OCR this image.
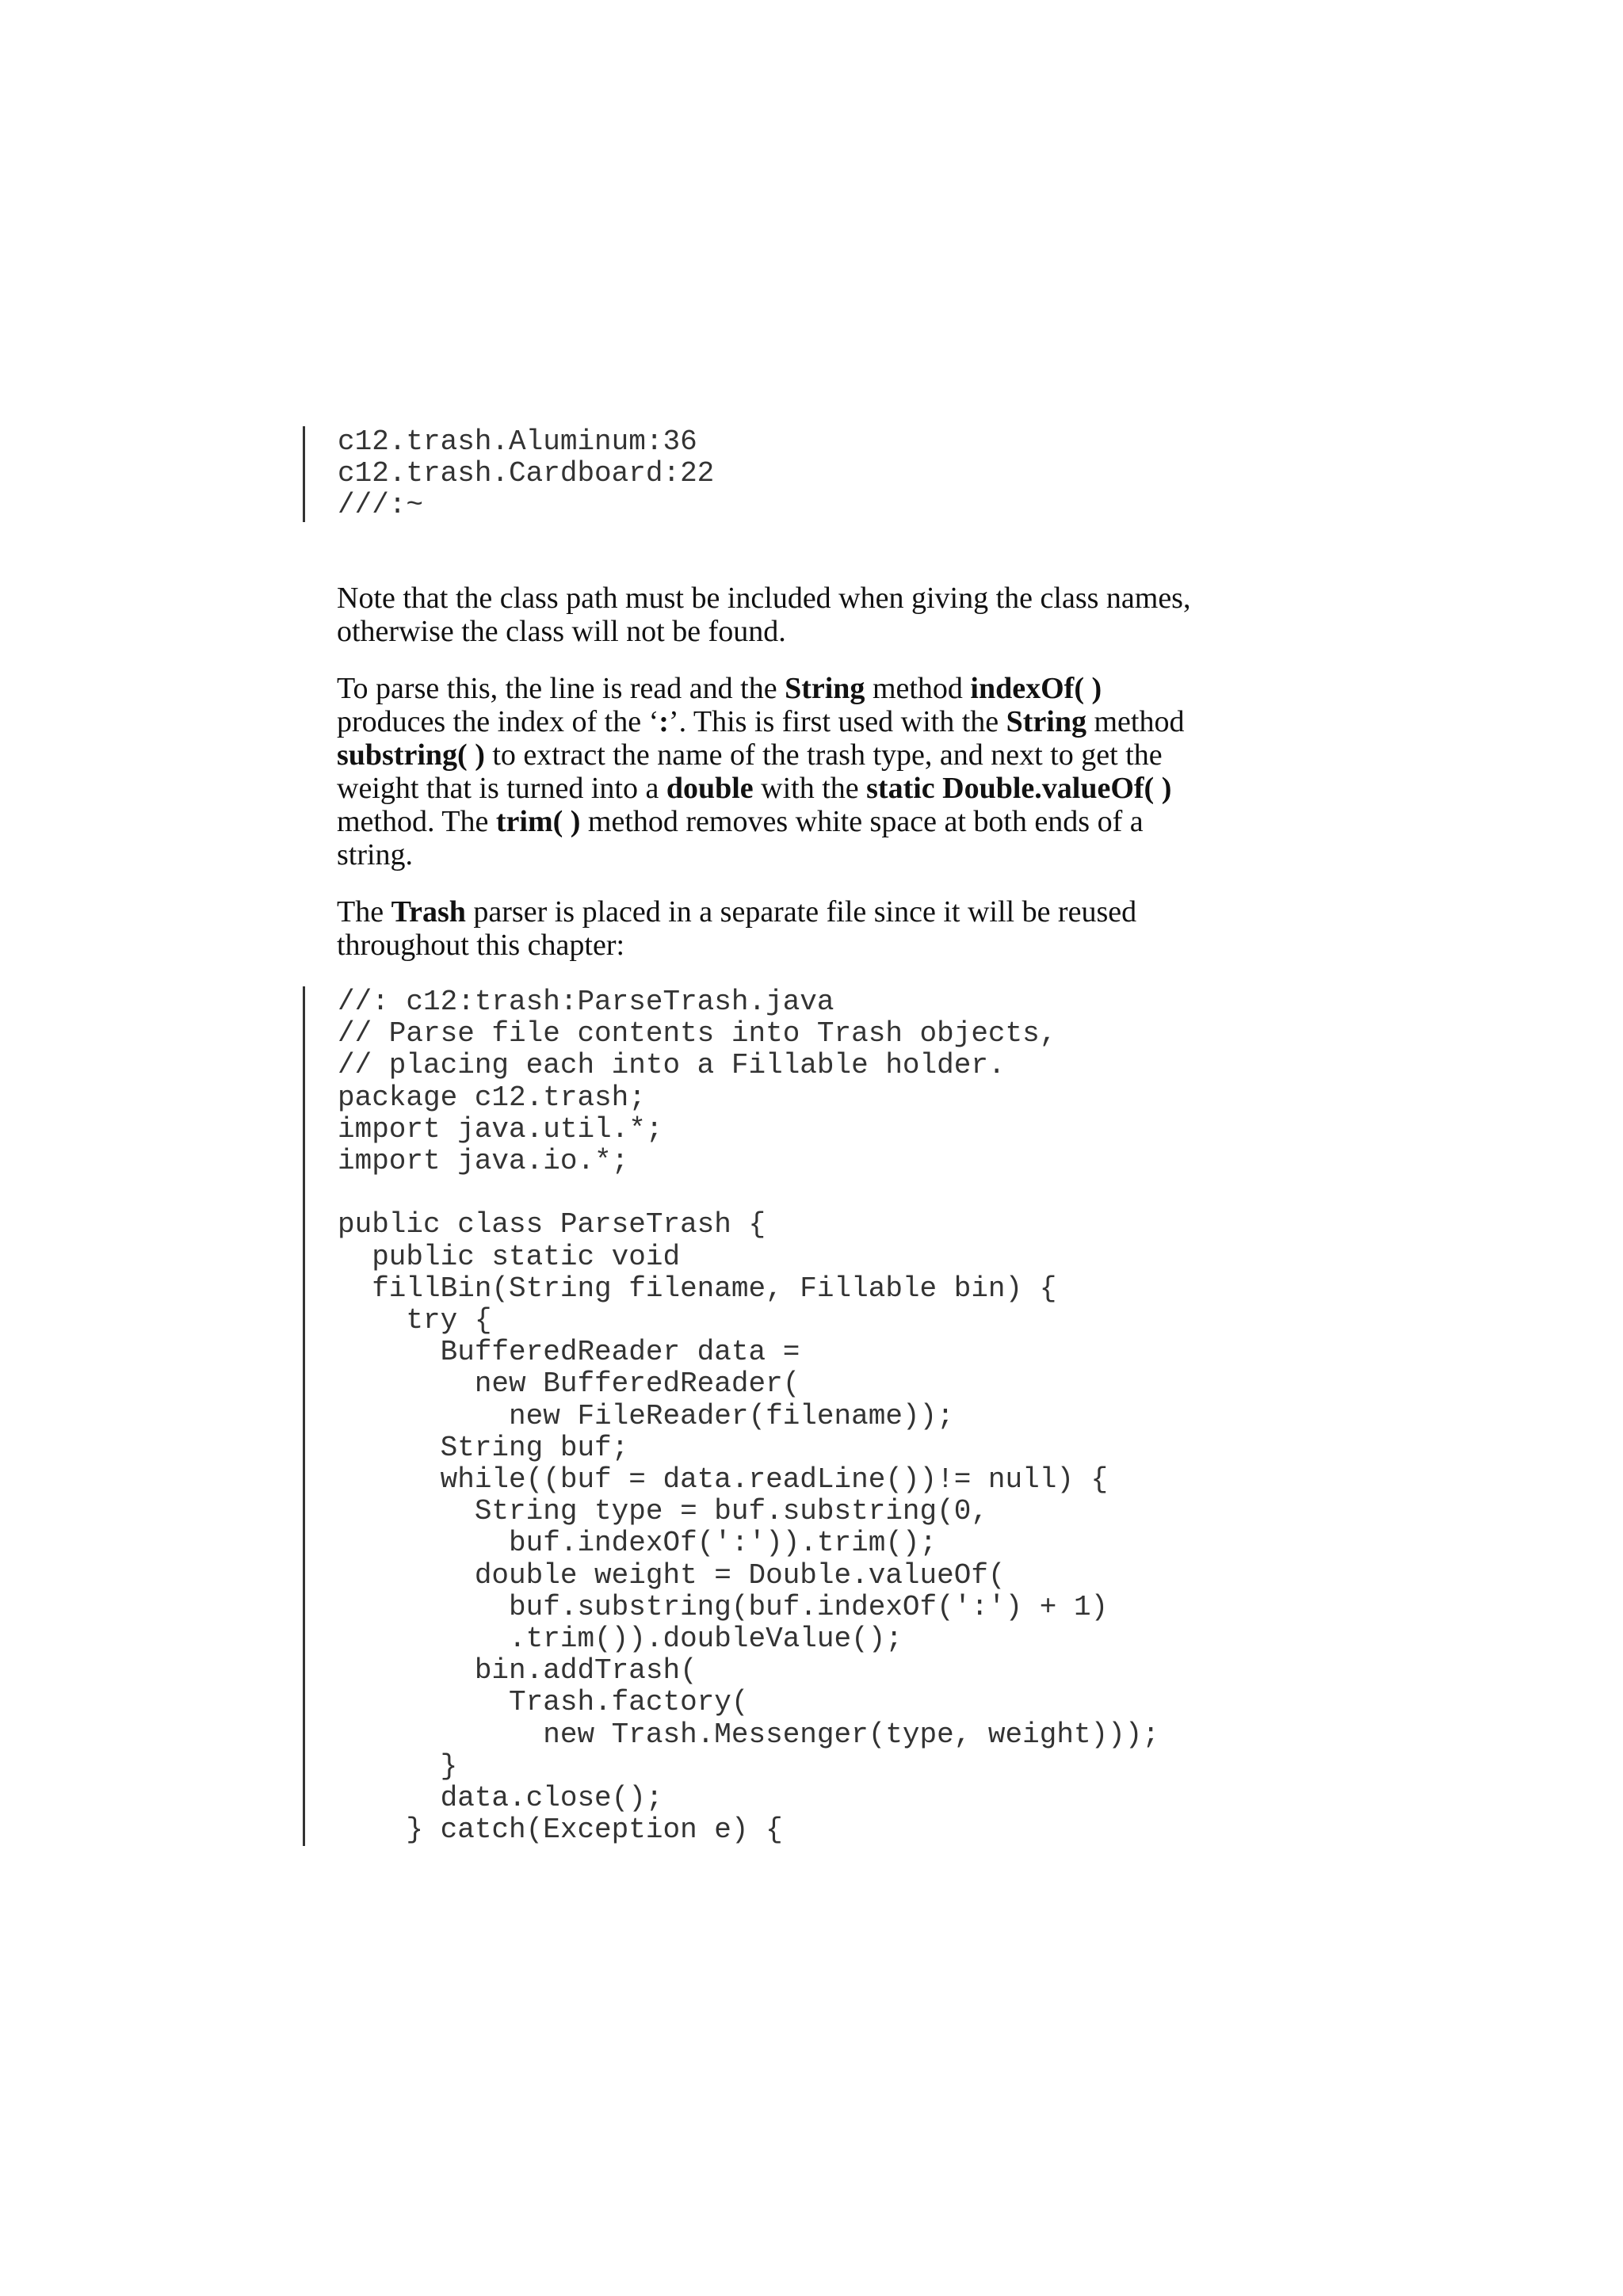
c12.trash.Aluminum:36
c12.trash.Cardboard:22
///:~

Note that the class path must be included when giving the class names,
otherwise the class will not be found.

To parse this, the line is read and the String method indexOf( )
produces the index of the ‘:’. This is first used with the String method
substring( ) to extract the name of the trash type, and next to get the
weight that is turned into a double with the static Double.valueOf( )
method. The trim( ) method removes white space at both ends of a
string.

The Trash parser is placed in a separate file since it will be reused
throughout this chapter:

//: c12:trash:ParseTrash.java
// Parse file contents into Trash objects,
// placing each into a Fillable holder.
package c12.trash;
import java.util.*;
import java.io.*;

public class ParseTrash {
public static void
fillBin(String filename, Fillable bin) {
try {
BufferedReader data =
new BufferedReader(
new FileReader(filename));
String buf;
while((buf = data.readLine())!= null) {
String type = buf.substring(0,
buf.indexOf(':')).trim();
double weight = Double.valueOf(
buf.substring(buf.indexOf(':') + 1)
.trim()).doubleValue();
bin.addTrash(
Trash.factory(
new Trash.Messenger(type, weight)));
}
data.close();
} catch(Exception e) {
